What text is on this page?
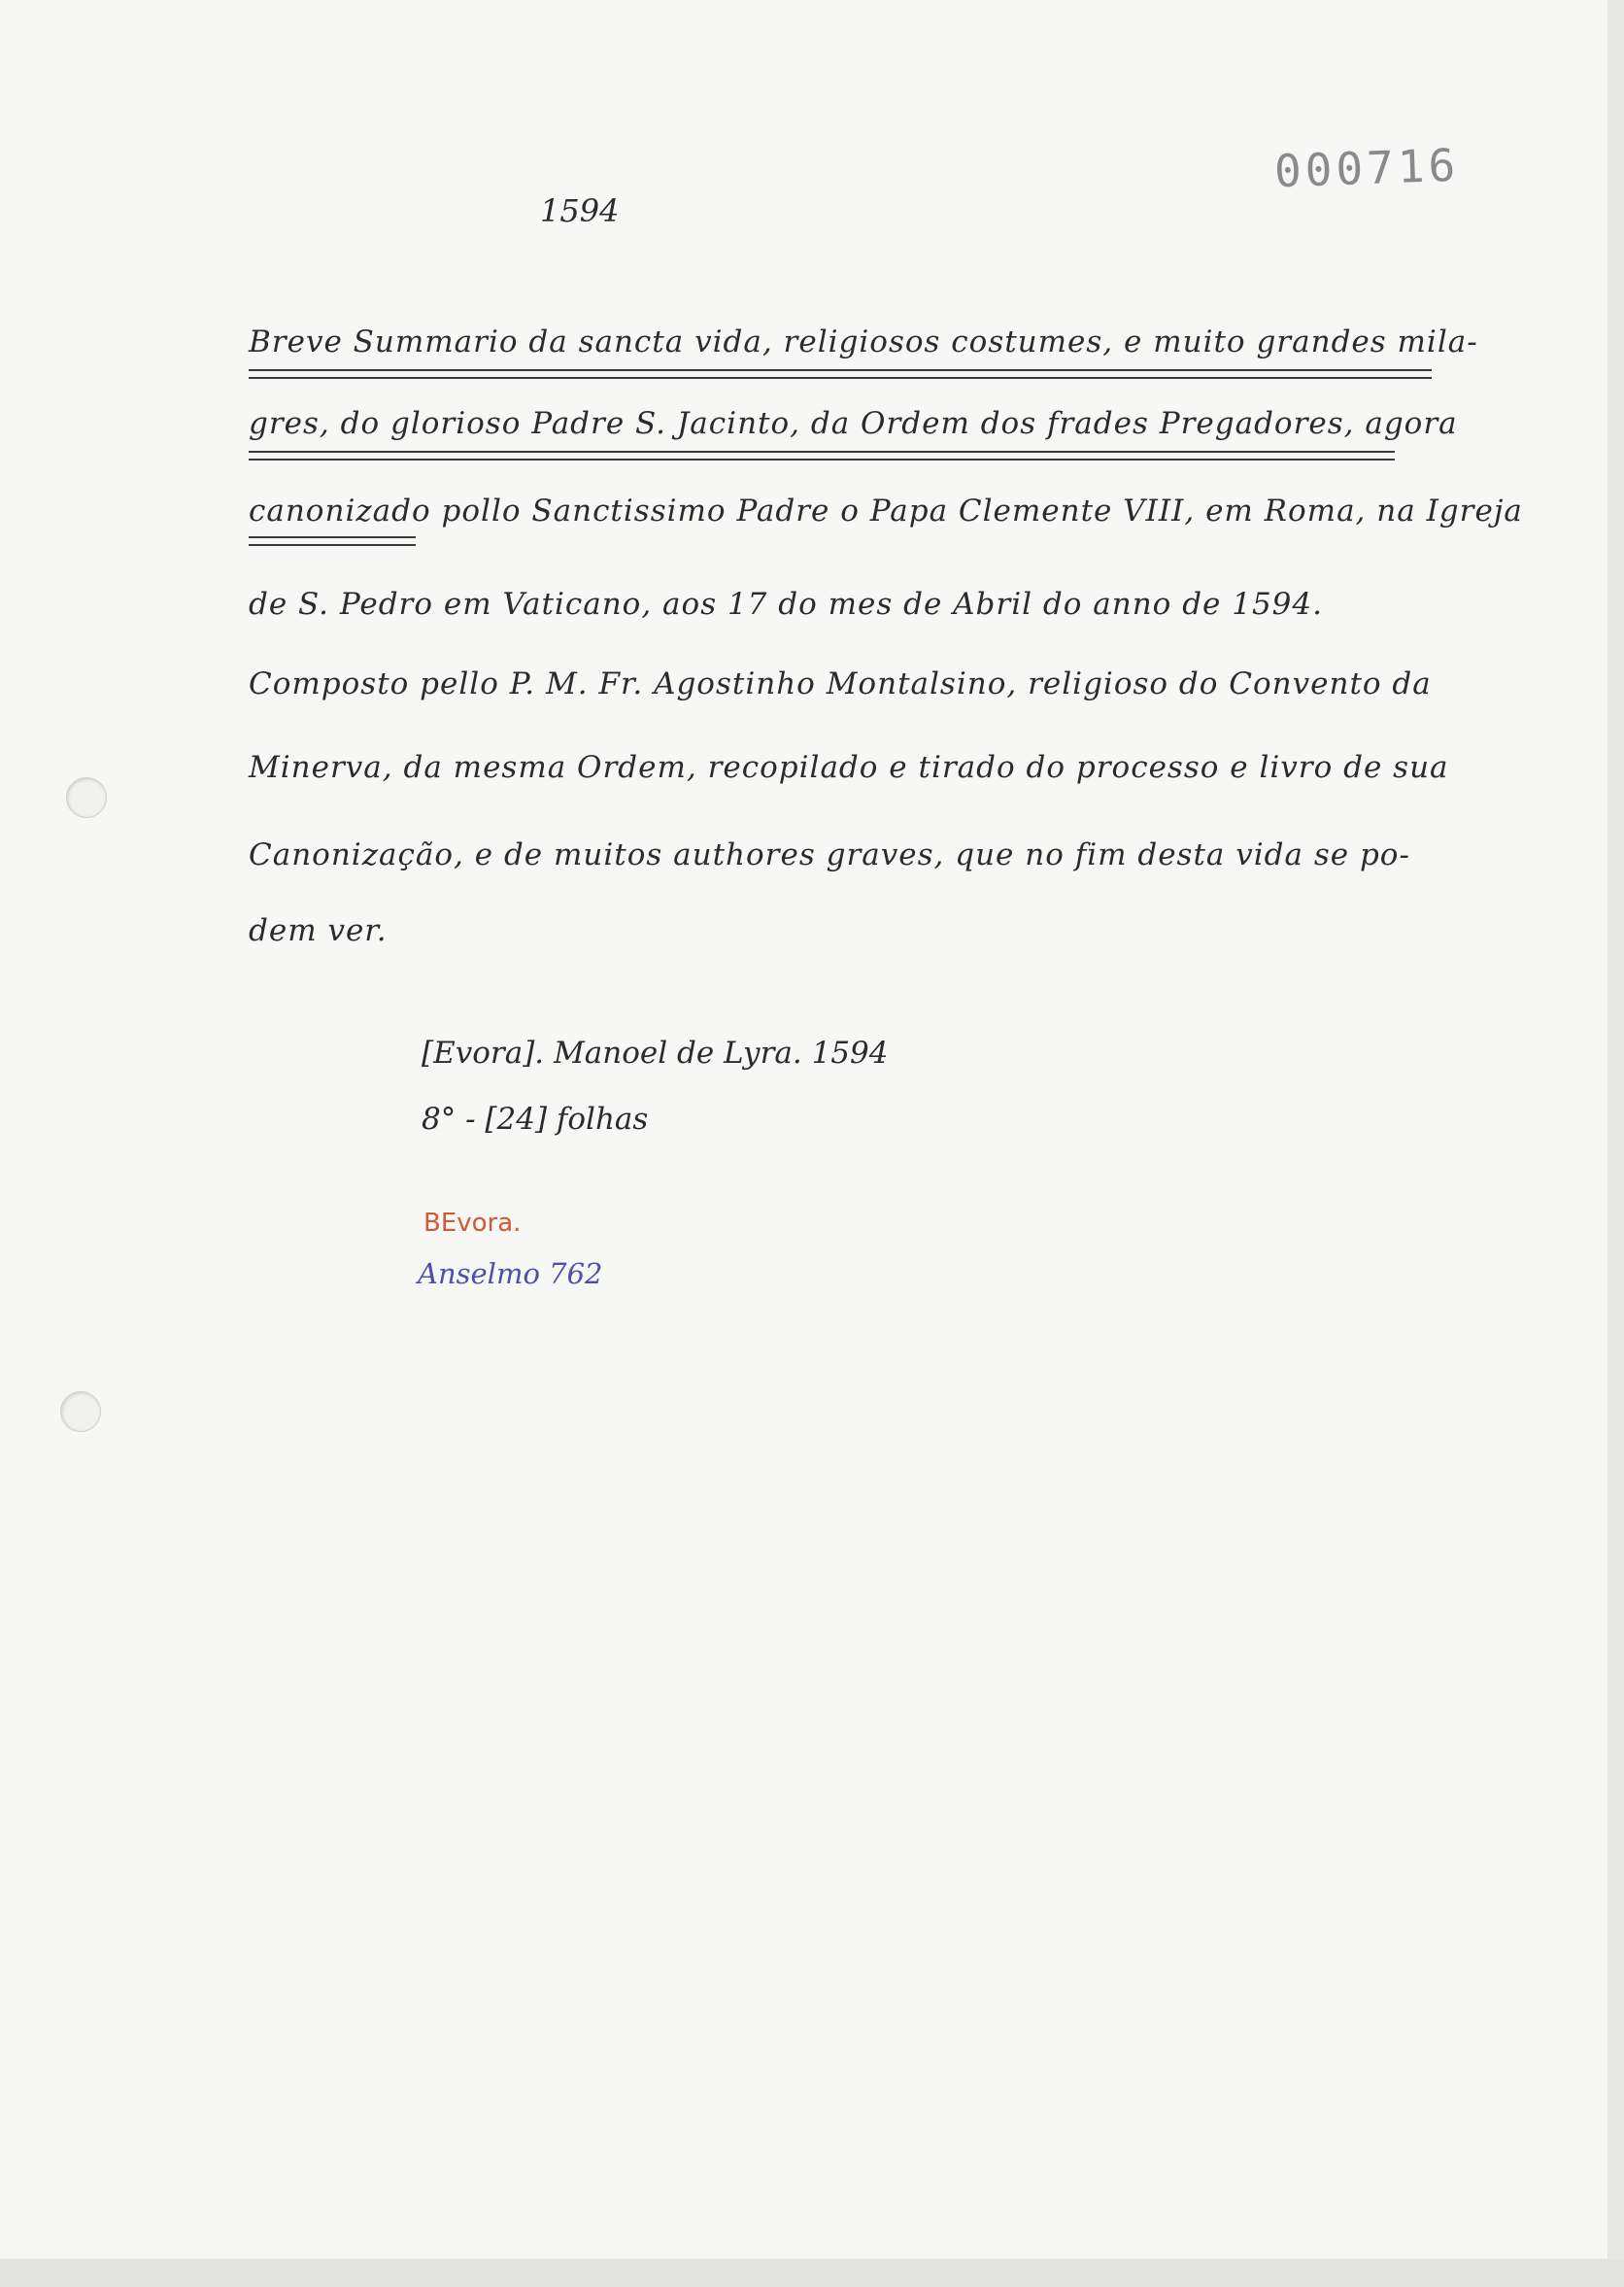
000716
1594
Breve Summario da sancta vida, religiosos costumes, e muito grandes mila-
gres, do glorioso Padre S. Jacinto, da Ordem dos frades Pregadores, agora
canonizado pollo Sanctissimo Padre o Papa Clemente VIII, em Roma, na Igreja
de S. Pedro em Vaticano, aos 17 do mes de Abril do anno de 1594.
Composto pello P. M. Fr. Agostinho Montalsino, religioso do Convento da
Minerva, da mesma Ordem, recopilado e tirado do processo e livro de sua
Canonização, e de muitos authores graves, que no fim desta vida se po-
dem ver.
[Evora]. Manoel de Lyra. 1594
8° - [24] folhas
BEvora.
Anselmo 762
